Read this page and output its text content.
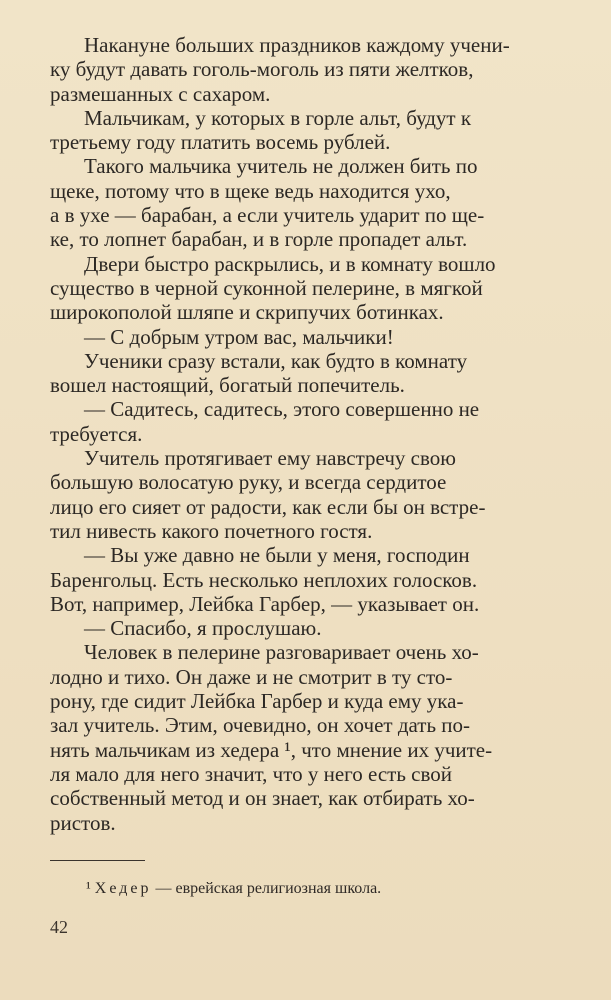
Накануне больших праздников каждому учени-
ку будут давать гоголь-моголь из пяти желтков,
размешанных с сахаром.

Мальчикам, у которых в горле альт, будут к
третьему году платить восемь рублей.

Такого мальчика учитель не должен бить по
щеке, потому что в щеке ведь находится ухо,
а в ухе — барабан, а если учитель ударит по ще-
ке, то лопнет барабан, и в горле пропадет альт.

Двери быстро раскрылись, и в комнату вошло
существо в черной суконной пелерине, в мягкой
широкополой шляпе и скрипучих ботинках.

— С добрым утром вас, мальчики!

Ученики сразу встали, как будто в комнату
вошел настоящий, богатый попечитель.

— Садитесь, садитесь, этого совершенно не
требуется.

Учитель протягивает ему навстречу свою
большую волосатую руку, и всегда сердитое
лицо его сияет от радости, как если бы он встре-
тил нивесть какого почетного гостя.

— Вы уже давно не были у меня, господин
Баренгольц. Есть несколько неплохих голосков.
Вот, например, Лейбка Гарбер, — указывает он.

— Спасибо, я прослушаю.

Человек в пелерине разговаривает очень хо-
лодно и тихо. Он даже и не смотрит в ту сто-
рону, где сидит Лейбка Гарбер и куда ему ука-
зал учитель. Этим, очевидно, он хочет дать по-
нять мальчикам из хедера ¹, что мнение их учите-
ля мало для него значит, что у него есть свой
собственный метод и он знает, как отбирать хо-
ристов.

¹ Хедер — еврейская религиозная школа.
42
